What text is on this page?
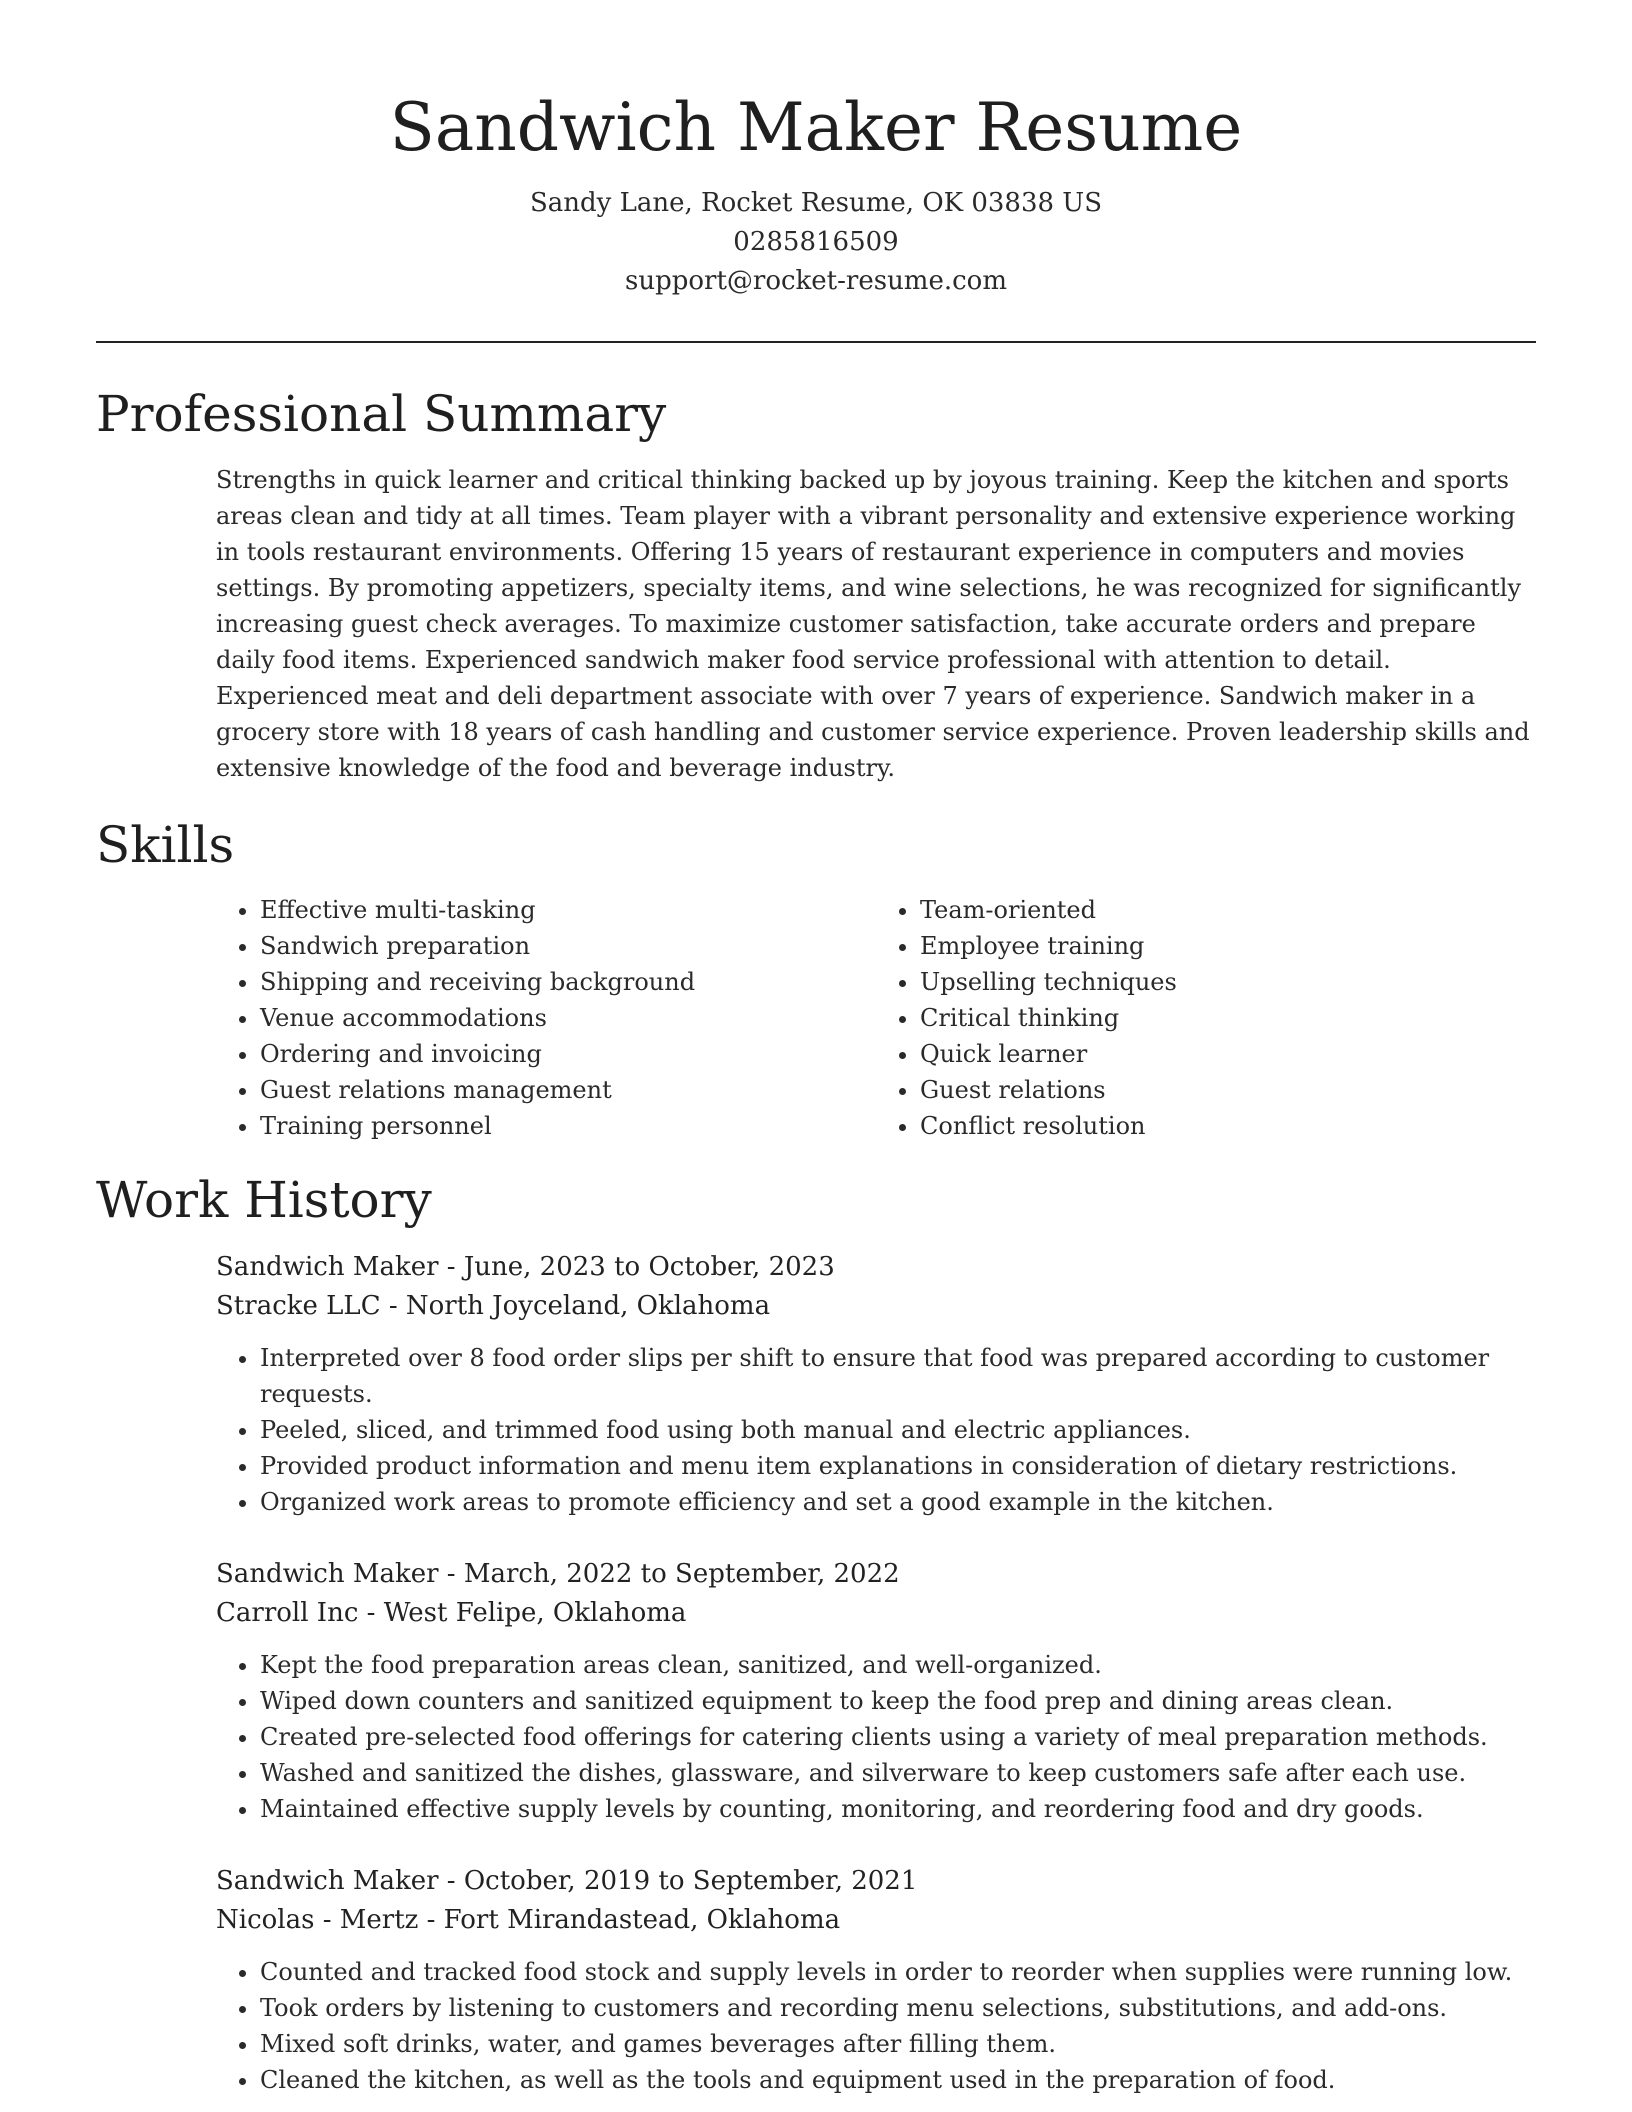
Sandwich Maker Resume
Sandy Lane, Rocket Resume, OK 03838 US
0285816509
support@rocket-resume.com
Professional Summary

Strengths in quick learner and critical thinking backed up by joyous training. Keep the kitchen and sports areas clean and tidy at all times. Team player with a vibrant personality and extensive experience working in tools restaurant environments. Offering 15 years of restaurant experience in computers and movies settings. By promoting appetizers, specialty items, and wine selections, he was recognized for significantly increasing guest check averages. To maximize customer satisfaction, take accurate orders and prepare daily food items. Experienced sandwich maker food service professional with attention to detail. Experienced meat and deli department associate with over 7 years of experience. Sandwich maker in a grocery store with 18 years of cash handling and customer service experience. Proven leadership skills and extensive knowledge of the food and beverage industry.

Skills
• Effective multi-tasking
• Sandwich preparation
• Shipping and receiving background
• Venue accommodations
• Ordering and invoicing
• Guest relations management
• Training personnel
• Team-oriented
• Employee training
• Upselling techniques
• Critical thinking
• Quick learner
• Guest relations
• Conflict resolution
Work History
Sandwich Maker - June, 2023 to October, 2023
Stracke LLC - North Joyceland, Oklahoma
• Interpreted over 8 food order slips per shift to ensure that food was prepared according to customer requests.
• Peeled, sliced, and trimmed food using both manual and electric appliances.
• Provided product information and menu item explanations in consideration of dietary restrictions.
• Organized work areas to promote efficiency and set a good example in the kitchen.
Sandwich Maker - March, 2022 to September, 2022
Carroll Inc - West Felipe, Oklahoma
• Kept the food preparation areas clean, sanitized, and well-organized.
• Wiped down counters and sanitized equipment to keep the food prep and dining areas clean.
• Created pre-selected food offerings for catering clients using a variety of meal preparation methods.
• Washed and sanitized the dishes, glassware, and silverware to keep customers safe after each use.
• Maintained effective supply levels by counting, monitoring, and reordering food and dry goods.
Sandwich Maker - October, 2019 to September, 2021
Nicolas - Mertz - Fort Mirandastead, Oklahoma
• Counted and tracked food stock and supply levels in order to reorder when supplies were running low.
• Took orders by listening to customers and recording menu selections, substitutions, and add-ons.
• Mixed soft drinks, water, and games beverages after filling them.
• Cleaned the kitchen, as well as the tools and equipment used in the preparation of food.
